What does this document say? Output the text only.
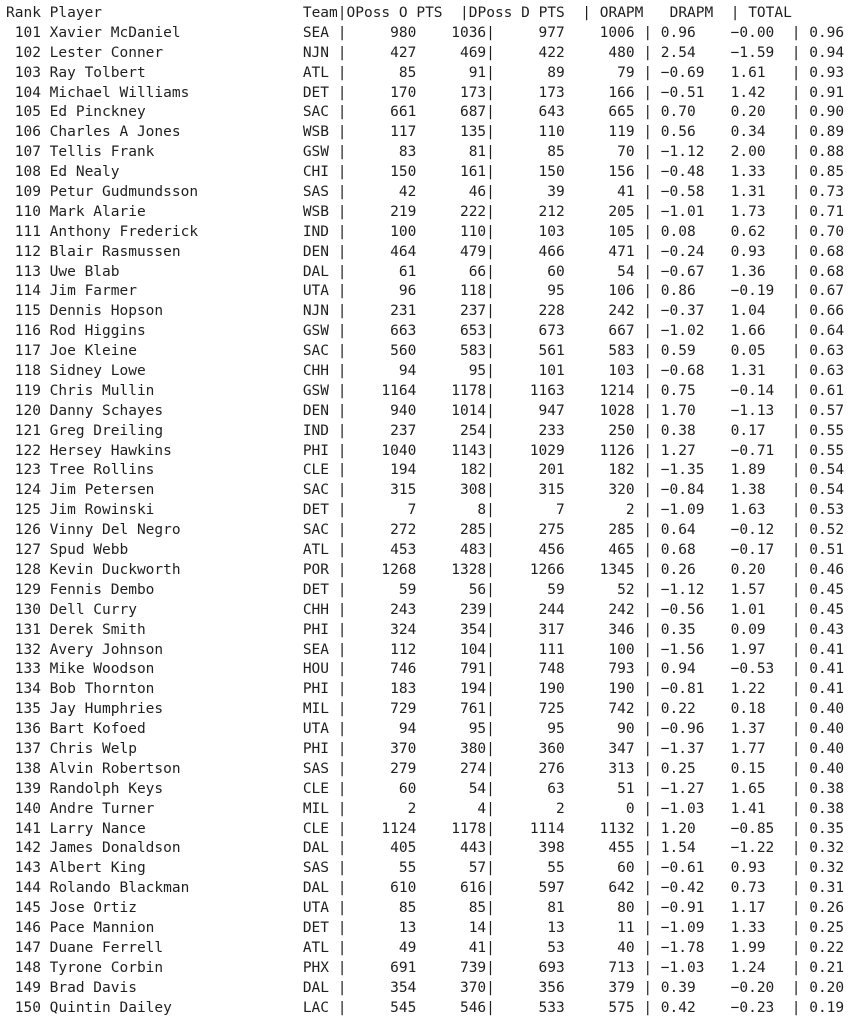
Rank Player	Team|OPoss O PTS |DPoss D PTS | ORAPM DRAPM | TOTAL
101 Xavier McDaniel              SEA |     980    1036|     977    1006 | 0.96    −0.00  | 0.96
102 Lester Conner                NJN |     427     469|     422     480 | 2.54    −1.59  | 0.94
103 Ray Tolbert                  ATL |      85      91|      89      79 | −0.69   1.61   | 0.93
104 Michael Williams             DET |     170     173|     173     166 | −0.51   1.42   | 0.91
105 Ed Pinckney                  SAC |     661     687|     643     665 | 0.70    0.20   | 0.90
106 Charles A Jones              WSB |     117     135|     110     119 | 0.56    0.34   | 0.89
107 Tellis Frank                 GSW |      83      81|      85      70 | −1.12   2.00   | 0.88
108 Ed Nealy                     CHI |     150     161|     150     156 | −0.48   1.33   | 0.85
109 Petur Gudmundsson            SAS |      42      46|      39      41 | −0.58   1.31   | 0.73
110 Mark Alarie                  WSB |     219     222|     212     205 | −1.01   1.73   | 0.71
111 Anthony Frederick            IND |     100     110|     103     105 | 0.08    0.62   | 0.70
112 Blair Rasmussen              DEN |     464     479|     466     471 | −0.24   0.93   | 0.68
113 Uwe Blab                     DAL |      61      66|      60      54 | −0.67   1.36   | 0.68
114 Jim Farmer                   UTA |      96     118|      95     106 | 0.86    −0.19  | 0.67
115 Dennis Hopson                NJN |     231     237|     228     242 | −0.37   1.04   | 0.66
116 Rod Higgins                  GSW |     663     653|     673     667 | −1.02   1.66   | 0.64
117 Joe Kleine                   SAC |     560     583|     561     583 | 0.59    0.05   | 0.63
118 Sidney Lowe                  CHH |      94      95|     101     103 | −0.68   1.31   | 0.63
119 Chris Mullin                 GSW |    1164    1178|    1163    1214 | 0.75    −0.14  | 0.61
120 Danny Schayes                DEN |     940    1014|     947    1028 | 1.70    −1.13  | 0.57
121 Greg Dreiling                IND |     237     254|     233     250 | 0.38    0.17   | 0.55
122 Hersey Hawkins               PHI |    1040    1143|    1029    1126 | 1.27    −0.71  | 0.55
123 Tree Rollins                 CLE |     194     182|     201     182 | −1.35   1.89   | 0.54
124 Jim Petersen                 SAC |     315     308|     315     320 | −0.84   1.38   | 0.54
125 Jim Rowinski                 DET |       7       8|       7       2 | −1.09   1.63   | 0.53
126 Vinny Del Negro              SAC |     272     285|     275     285 | 0.64    −0.12  | 0.52
127 Spud Webb                    ATL |     453     483|     456     465 | 0.68    −0.17  | 0.51
128 Kevin Duckworth              POR |    1268    1328|    1266    1345 | 0.26    0.20   | 0.46
129 Fennis Dembo                 DET |      59      56|      59      52 | −1.12   1.57   | 0.45
130 Dell Curry                   CHH |     243     239|     244     242 | −0.56   1.01   | 0.45
131 Derek Smith                  PHI |     324     354|     317     346 | 0.35    0.09   | 0.43
132 Avery Johnson                SEA |     112     104|     111     100 | −1.56   1.97   | 0.41
133 Mike Woodson                 HOU |     746     791|     748     793 | 0.94    −0.53  | 0.41
134 Bob Thornton                 PHI |     183     194|     190     190 | −0.81   1.22   | 0.41
135 Jay Humphries                MIL |     729     761|     725     742 | 0.22    0.18   | 0.40
136 Bart Kofoed                  UTA |      94      95|      95      90 | −0.96   1.37   | 0.40
137 Chris Welp                   PHI |     370     380|     360     347 | −1.37   1.77   | 0.40
138 Alvin Robertson              SAS |     279     274|     276     313 | 0.25    0.15   | 0.40
139 Randolph Keys                CLE |      60      54|      63      51 | −1.27   1.65   | 0.38
140 Andre Turner                 MIL |       2       4|       2       0 | −1.03   1.41   | 0.38
141 Larry Nance                  CLE |    1124    1178|    1114    1132 | 1.20    −0.85  | 0.35
142 James Donaldson              DAL |     405     443|     398     455 | 1.54    −1.22  | 0.32
143 Albert King                  SAS |      55      57|      55      60 | −0.61   0.93   | 0.32
144 Rolando Blackman             DAL |     610     616|     597     642 | −0.42   0.73   | 0.31
145 Jose Ortiz                   UTA |      85      85|      81      80 | −0.91   1.17   | 0.26
146 Pace Mannion                 DET |      13      14|      13      11 | −1.09   1.33   | 0.25
147 Duane Ferrell                ATL |      49      41|      53      40 | −1.78   1.99   | 0.22
148 Tyrone Corbin                PHX |     691     739|     693     713 | −1.03   1.24   | 0.21
149 Brad Davis                   DAL |     354     370|     356     379 | 0.39    −0.20  | 0.20
150 Quintin Dailey               LAC |     545     546|     533     575 | 0.42    −0.23  | 0.19
